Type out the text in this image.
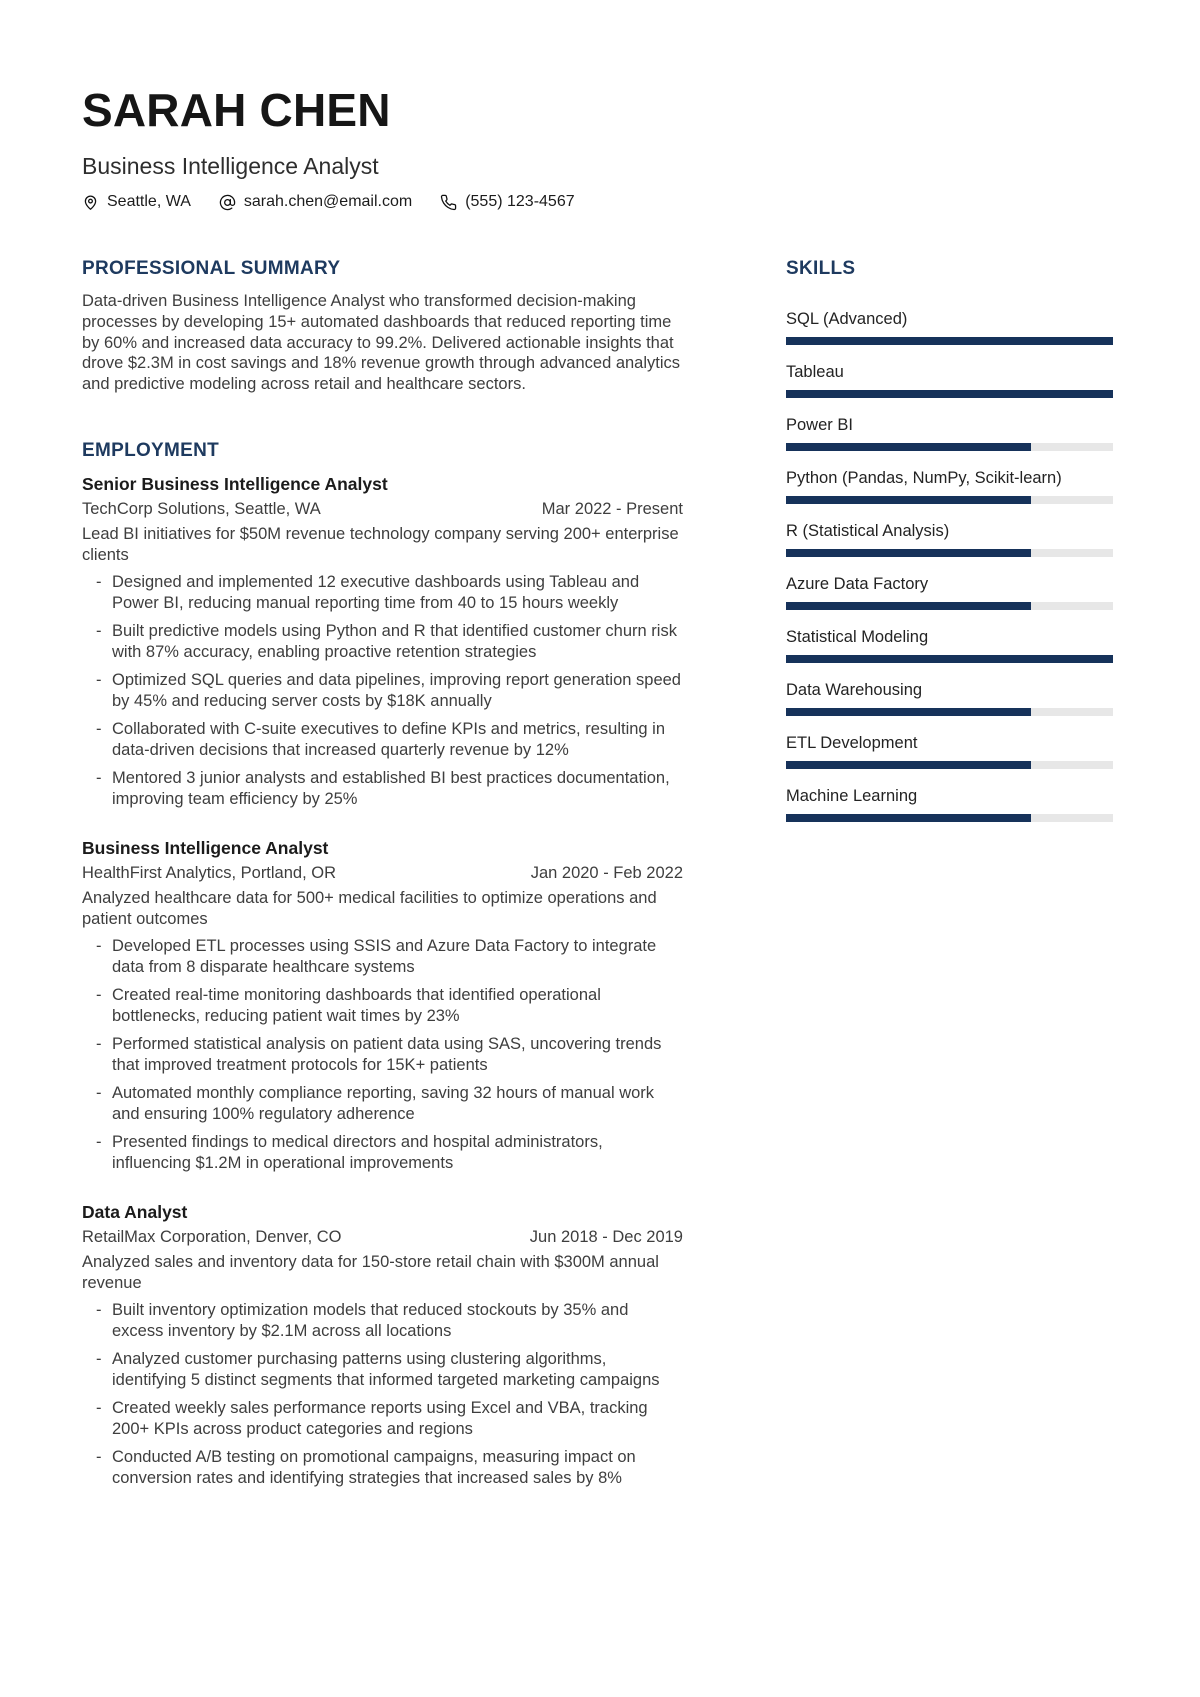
SARAH CHEN
Business Intelligence Analyst
Seattle, WA	sarah.chen@email.com	(555) 123-4567
PROFESSIONAL SUMMARY

Data-driven Business Intelligence Analyst who transformed decision-making processes by developing 15+ automated dashboards that reduced reporting time by 60% and increased data accuracy to 99.2%. Delivered actionable insights that drove $2.3M in cost savings and 18% revenue growth through advanced analytics and predictive modeling across retail and healthcare sectors.

EMPLOYMENT
Senior Business Intelligence Analyst
TechCorp Solutions, Seattle, WA	Mar 2022 - Present

Lead BI initiatives for $50M revenue technology company serving 200+ enterprise clients

- Designed and implemented 12 executive dashboards using Tableau and Power BI, reducing manual reporting time from 40 to 15 hours weekly
- Built predictive models using Python and R that identified customer churn risk with 87% accuracy, enabling proactive retention strategies
- Optimized SQL queries and data pipelines, improving report generation speed by 45% and reducing server costs by $18K annually
- Collaborated with C-suite executives to define KPIs and metrics, resulting in data-driven decisions that increased quarterly revenue by 12%
- Mentored 3 junior analysts and established BI best practices documentation, improving team efficiency by 25%
Business Intelligence Analyst
HealthFirst Analytics, Portland, OR	Jan 2020 - Feb 2022

Analyzed healthcare data for 500+ medical facilities to optimize operations and patient outcomes

- Developed ETL processes using SSIS and Azure Data Factory to integrate data from 8 disparate healthcare systems
- Created real-time monitoring dashboards that identified operational bottlenecks, reducing patient wait times by 23%
- Performed statistical analysis on patient data using SAS, uncovering trends that improved treatment protocols for 15K+ patients
- Automated monthly compliance reporting, saving 32 hours of manual work and ensuring 100% regulatory adherence
- Presented findings to medical directors and hospital administrators, influencing $1.2M in operational improvements
Data Analyst
RetailMax Corporation, Denver, CO	Jun 2018 - Dec 2019

Analyzed sales and inventory data for 150-store retail chain with $300M annual revenue

- Built inventory optimization models that reduced stockouts by 35% and excess inventory by $2.1M across all locations
- Analyzed customer purchasing patterns using clustering algorithms, identifying 5 distinct segments that informed targeted marketing campaigns
- Created weekly sales performance reports using Excel and VBA, tracking 200+ KPIs across product categories and regions
- Conducted A/B testing on promotional campaigns, measuring impact on conversion rates and identifying strategies that increased sales by 8%
SKILLS
SQL (Advanced)
Tableau
Power BI
Python (Pandas, NumPy, Scikit-learn)
R (Statistical Analysis)
Azure Data Factory
Statistical Modeling
Data Warehousing
ETL Development
Machine Learning
